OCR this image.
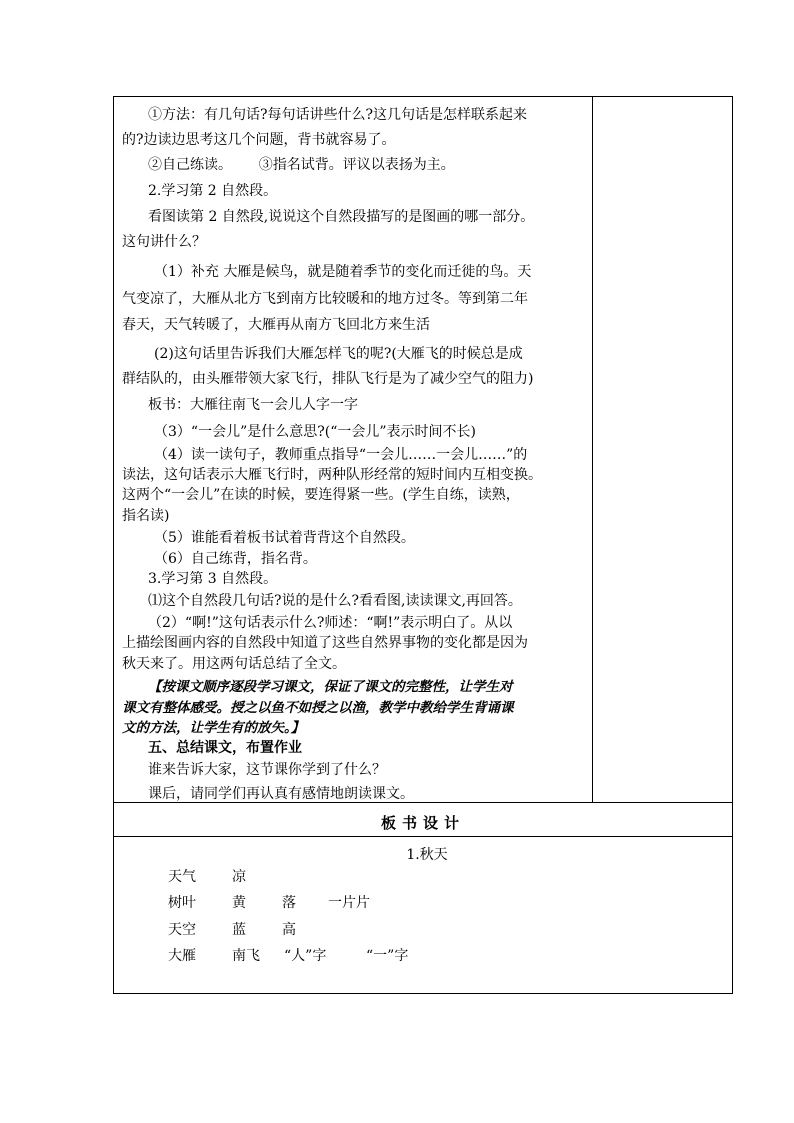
①方法：有几句话?每句话讲些什么?这几句话是怎样联系起来
的?边读边思考这几个问题，背书就容易了。
②自己练读。      ③指名试背。评议以表扬为主。
2.学习第 2 自然段。
看图读第 2 自然段,说说这个自然段描写的是图画的哪一部分。
这句讲什么？
（1）补充 大雁是候鸟，就是随着季节的变化而迁徙的鸟。天
气变凉了，大雁从北方飞到南方比较暖和的地方过冬。等到第二年
春天，天气转暖了，大雁再从南方飞回北方来生活
(2)这句话里告诉我们大雁怎样飞的呢?(大雁飞的时候总是成
群结队的，由头雁带领大家飞行，排队飞行是为了减少空气的阻力)
板书：大雁往南飞一会儿人字一字
（3）“一会儿”是什么意思?(“一会儿”表示时间不长)
（4）读一读句子，教师重点指导“一会儿……一会儿……”的
读法，这句话表示大雁飞行时，两种队形经常的短时间内互相变换。
这两个“一会儿”在读的时候，要连得紧一些。(学生自练，读熟，
指名读)
（5）谁能看着板书试着背背这个自然段。
（6）自己练背，指名背。
3.学习第 3 自然段。
⑴这个自然段几句话?说的是什么?看看图,读读课文,再回答。
（2）“啊!”这句话表示什么?师述：“啊!”表示明白了。从以
上描绘图画内容的自然段中知道了这些自然界事物的变化都是因为
秋天来了。用这两句话总结了全文。
【按课文顺序逐段学习课文，保证了课文的完整性，让学生对
课文有整体感受。授之以鱼不如授之以渔，教学中教给学生背诵课
文的方法，让学生有的放矢。】
五、总结课文，布置作业
谁来告诉大家，这节课你学到了什么？
课后，请同学们再认真有感情地朗读课文。
板书设计
1.秋天
天气	凉
树叶	黄	落 一片片
天空	蓝	高
大雁	南飞 “人”字	“一”字
